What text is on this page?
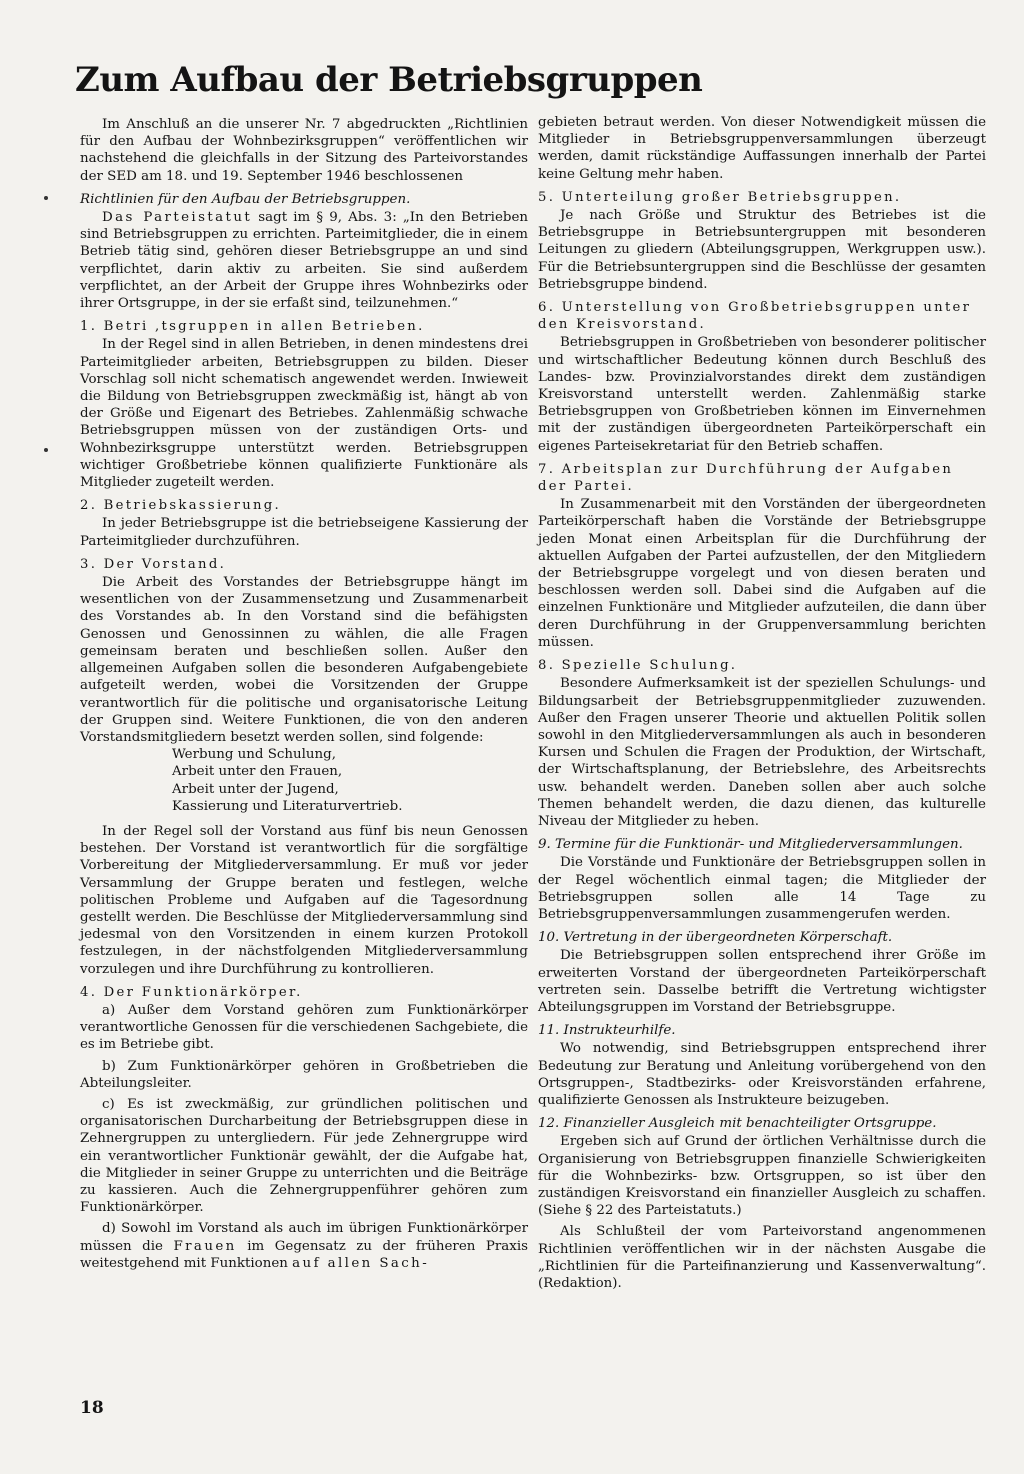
Zum Aufbau der Betriebsgruppen

Im Anschluß an die unserer Nr. 7 abgedruckten „Richtlinien für den Aufbau der Wohnbezirksgruppen“ veröffentlichen wir nachstehend die gleichfalls in der Sitzung des Parteivorstandes der SED am 18. und 19. September 1946 beschlossenen

Richtlinien für den Aufbau der Betriebsgruppen.

Das Parteistatut sagt im § 9, Abs. 3: „In den Betrieben sind Betriebsgruppen zu errichten. Parteimitglieder, die in einem Betrieb tätig sind, gehören dieser Betriebsgruppe an und sind verpflichtet, darin aktiv zu arbeiten. Sie sind außerdem verpflichtet, an der Arbeit der Gruppe ihres Wohnbezirks oder ihrer Ortsgruppe, in der sie erfaßt sind, teilzunehmen.“

1. Betri ,tsgruppen in allen Betrieben.

In der Regel sind in allen Betrieben, in denen mindestens drei Parteimitglieder arbeiten, Betriebsgruppen zu bilden. Dieser Vorschlag soll nicht schematisch angewendet werden. Inwieweit die Bildung von Betriebsgruppen zweckmäßig ist, hängt ab von der Größe und Eigenart des Betriebes. Zahlenmäßig schwache Betriebsgruppen müssen von der zuständigen Orts- und Wohnbezirksgruppe unterstützt werden. Betriebsgruppen wichtiger Großbetriebe können qualifizierte Funktionäre als Mitglieder zugeteilt werden.

2. Betriebskassierung.

In jeder Betriebsgruppe ist die betriebseigene Kassierung der Parteimitglieder durchzuführen.

3. Der Vorstand.

Die Arbeit des Vorstandes der Betriebsgruppe hängt im wesentlichen von der Zusammensetzung und Zusammenarbeit des Vorstandes ab. In den Vorstand sind die befähigsten Genossen und Genossinnen zu wählen, die alle Fragen gemeinsam beraten und beschließen sollen. Außer den allgemeinen Aufgaben sollen die besonderen Aufgabengebiete aufgeteilt werden, wobei die Vorsitzenden der Gruppe verantwortlich für die politische und organisatorische Leitung der Gruppen sind. Weitere Funktionen, die von den anderen Vorstandsmitgliedern besetzt werden sollen, sind folgende:

Werbung und Schulung,
Arbeit unter den Frauen,
Arbeit unter der Jugend,
Kassierung und Literaturvertrieb.

In der Regel soll der Vorstand aus fünf bis neun Genossen bestehen. Der Vorstand ist verantwortlich für die sorgfältige Vorbereitung der Mitgliederversammlung. Er muß vor jeder Versammlung der Gruppe beraten und festlegen, welche politischen Probleme und Aufgaben auf die Tagesordnung gestellt werden. Die Beschlüsse der Mitgliederversammlung sind jedesmal von den Vorsitzenden in einem kurzen Protokoll festzulegen, in der nächstfolgenden Mitgliederversammlung vorzulegen und ihre Durchführung zu kontrollieren.

4. Der Funktionärkörper.

a) Außer dem Vorstand gehören zum Funktionärkörper verantwortliche Genossen für die verschiedenen Sachgebiete, die es im Betriebe gibt.

b) Zum Funktionärkörper gehören in Großbetrieben die Abteilungsleiter.

c) Es ist zweckmäßig, zur gründlichen politischen und organisatorischen Durcharbeitung der Betriebsgruppen diese in Zehnergruppen zu untergliedern. Für jede Zehnergruppe wird ein verantwortlicher Funktionär gewählt, der die Aufgabe hat, die Mitglieder in seiner Gruppe zu unterrichten und die Beiträge zu kassieren. Auch die Zehnergruppenführer gehören zum Funktionärkörper.

d) Sowohl im Vorstand als auch im übrigen Funktionärkörper müssen die Frauen im Gegensatz zu der früheren Praxis weitestgehend mit Funktionen auf allen Sach-

gebieten betraut werden. Von dieser Notwendigkeit müssen die Mitglieder in Betriebsgruppenversammlungen überzeugt werden, damit rückständige Auffassungen innerhalb der Partei keine Geltung mehr haben.

5. Unterteilung großer Betriebsgruppen.

Je nach Größe und Struktur des Betriebes ist die Betriebsgruppe in Betriebsuntergruppen mit besonderen Leitungen zu gliedern (Abteilungsgruppen, Werkgruppen usw.). Für die Betriebsuntergruppen sind die Beschlüsse der gesamten Betriebsgruppe bindend.

6. Unterstellung von Großbetriebsgruppen unter den Kreisvorstand.

Betriebsgruppen in Großbetrieben von besonderer politischer und wirtschaftlicher Bedeutung können durch Beschluß des Landes- bzw. Provinzialvorstandes direkt dem zuständigen Kreisvorstand unterstellt werden. Zahlenmäßig starke Betriebsgruppen von Großbetrieben können im Einvernehmen mit der zuständigen übergeordneten Parteikörperschaft ein eigenes Parteisekretariat für den Betrieb schaffen.

7. Arbeitsplan zur Durchführung der Aufgaben der Partei.

In Zusammenarbeit mit den Vorständen der übergeordneten Parteikörperschaft haben die Vorstände der Betriebsgruppe jeden Monat einen Arbeitsplan für die Durchführung der aktuellen Aufgaben der Partei aufzustellen, der den Mitgliedern der Betriebsgruppe vorgelegt und von diesen beraten und beschlossen werden soll. Dabei sind die Aufgaben auf die einzelnen Funktionäre und Mitglieder aufzuteilen, die dann über deren Durchführung in der Gruppenversammlung berichten müssen.

8. Spezielle Schulung.

Besondere Aufmerksamkeit ist der speziellen Schulungs- und Bildungsarbeit der Betriebsgruppenmitglieder zuzuwenden. Außer den Fragen unserer Theorie und aktuellen Politik sollen sowohl in den Mitgliederversammlungen als auch in besonderen Kursen und Schulen die Fragen der Produktion, der Wirtschaft, der Wirtschaftsplanung, der Betriebslehre, des Arbeitsrechts usw. behandelt werden. Daneben sollen aber auch solche Themen behandelt werden, die dazu dienen, das kulturelle Niveau der Mitglieder zu heben.

9. Termine für die Funktionär- und Mitgliederversammlungen.

Die Vorstände und Funktionäre der Betriebsgruppen sollen in der Regel wöchentlich einmal tagen; die Mitglieder der Betriebsgruppen sollen alle 14 Tage zu Betriebsgruppenversammlungen zusammengerufen werden.

10. Vertretung in der übergeordneten Körperschaft.

Die Betriebsgruppen sollen entsprechend ihrer Größe im erweiterten Vorstand der übergeordneten Parteikörperschaft vertreten sein. Dasselbe betrifft die Vertretung wichtigster Abteilungsgruppen im Vorstand der Betriebsgruppe.

11. Instrukteurhilfe.

Wo notwendig, sind Betriebsgruppen entsprechend ihrer Bedeutung zur Beratung und Anleitung vorübergehend von den Ortsgruppen-, Stadtbezirks- oder Kreisvorständen erfahrene, qualifizierte Genossen als Instrukteure beizugeben.

12. Finanzieller Ausgleich mit benachteiligter Ortsgruppe.

Ergeben sich auf Grund der örtlichen Verhältnisse durch die Organisierung von Betriebsgruppen finanzielle Schwierigkeiten für die Wohnbezirks- bzw. Ortsgruppen, so ist über den zuständigen Kreisvorstand ein finanzieller Ausgleich zu schaffen. (Siehe § 22 des Parteistatuts.)

Als Schlußteil der vom Parteivorstand angenommenen Richtlinien veröffentlichen wir in der nächsten Ausgabe die „Richtlinien für die Parteifinanzierung und Kassenverwaltung“. (Redaktion).

18
